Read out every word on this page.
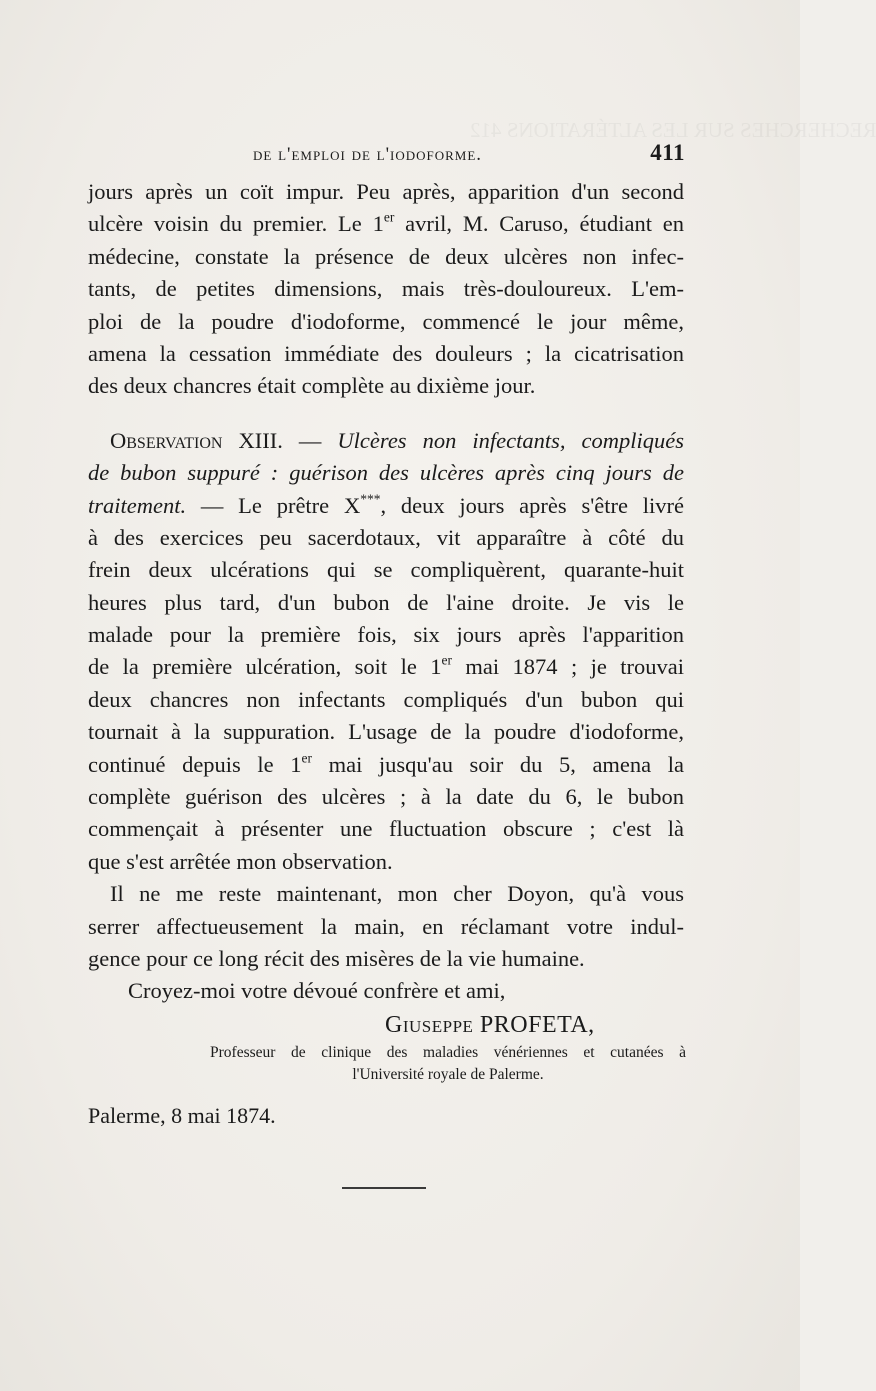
RECHERCHES SUR LES ALTÉRATIONS 412
de l'emploi de l'iodoforme.	411
jours après un coït impur. Peu après, apparition d'un second
ulcère voisin du premier. Le 1er avril, M. Caruso, étudiant en
médecine, constate la présence de deux ulcères non infec-
tants, de petites dimensions, mais très-douloureux. L'em-
ploi de la poudre d'iodoforme, commencé le jour même,
amena la cessation immédiate des douleurs ; la cicatrisation
des deux chancres était complète au dixième jour.
Observation XIII. — Ulcères non infectants, compliqués
de bubon suppuré : guérison des ulcères après cinq jours de
traitement. — Le prêtre X***, deux jours après s'être livré
à des exercices peu sacerdotaux, vit apparaître à côté du
frein deux ulcérations qui se compliquèrent, quarante-huit
heures plus tard, d'un bubon de l'aine droite. Je vis le
malade pour la première fois, six jours après l'apparition
de la première ulcération, soit le 1er mai 1874 ; je trouvai
deux chancres non infectants compliqués d'un bubon qui
tournait à la suppuration. L'usage de la poudre d'iodoforme,
continué depuis le 1er mai jusqu'au soir du 5, amena la
complète guérison des ulcères ; à la date du 6, le bubon
commençait à présenter une fluctuation obscure ; c'est là
que s'est arrêtée mon observation.
Il ne me reste maintenant, mon cher Doyon, qu'à vous
serrer affectueusement la main, en réclamant votre indul-
gence pour ce long récit des misères de la vie humaine.
Croyez-moi votre dévoué confrère et ami,
Giuseppe PROFETA,
Professeur de clinique des maladies vénériennes et cutanées à
l'Université royale de Palerme.
Palerme, 8 mai 1874.
